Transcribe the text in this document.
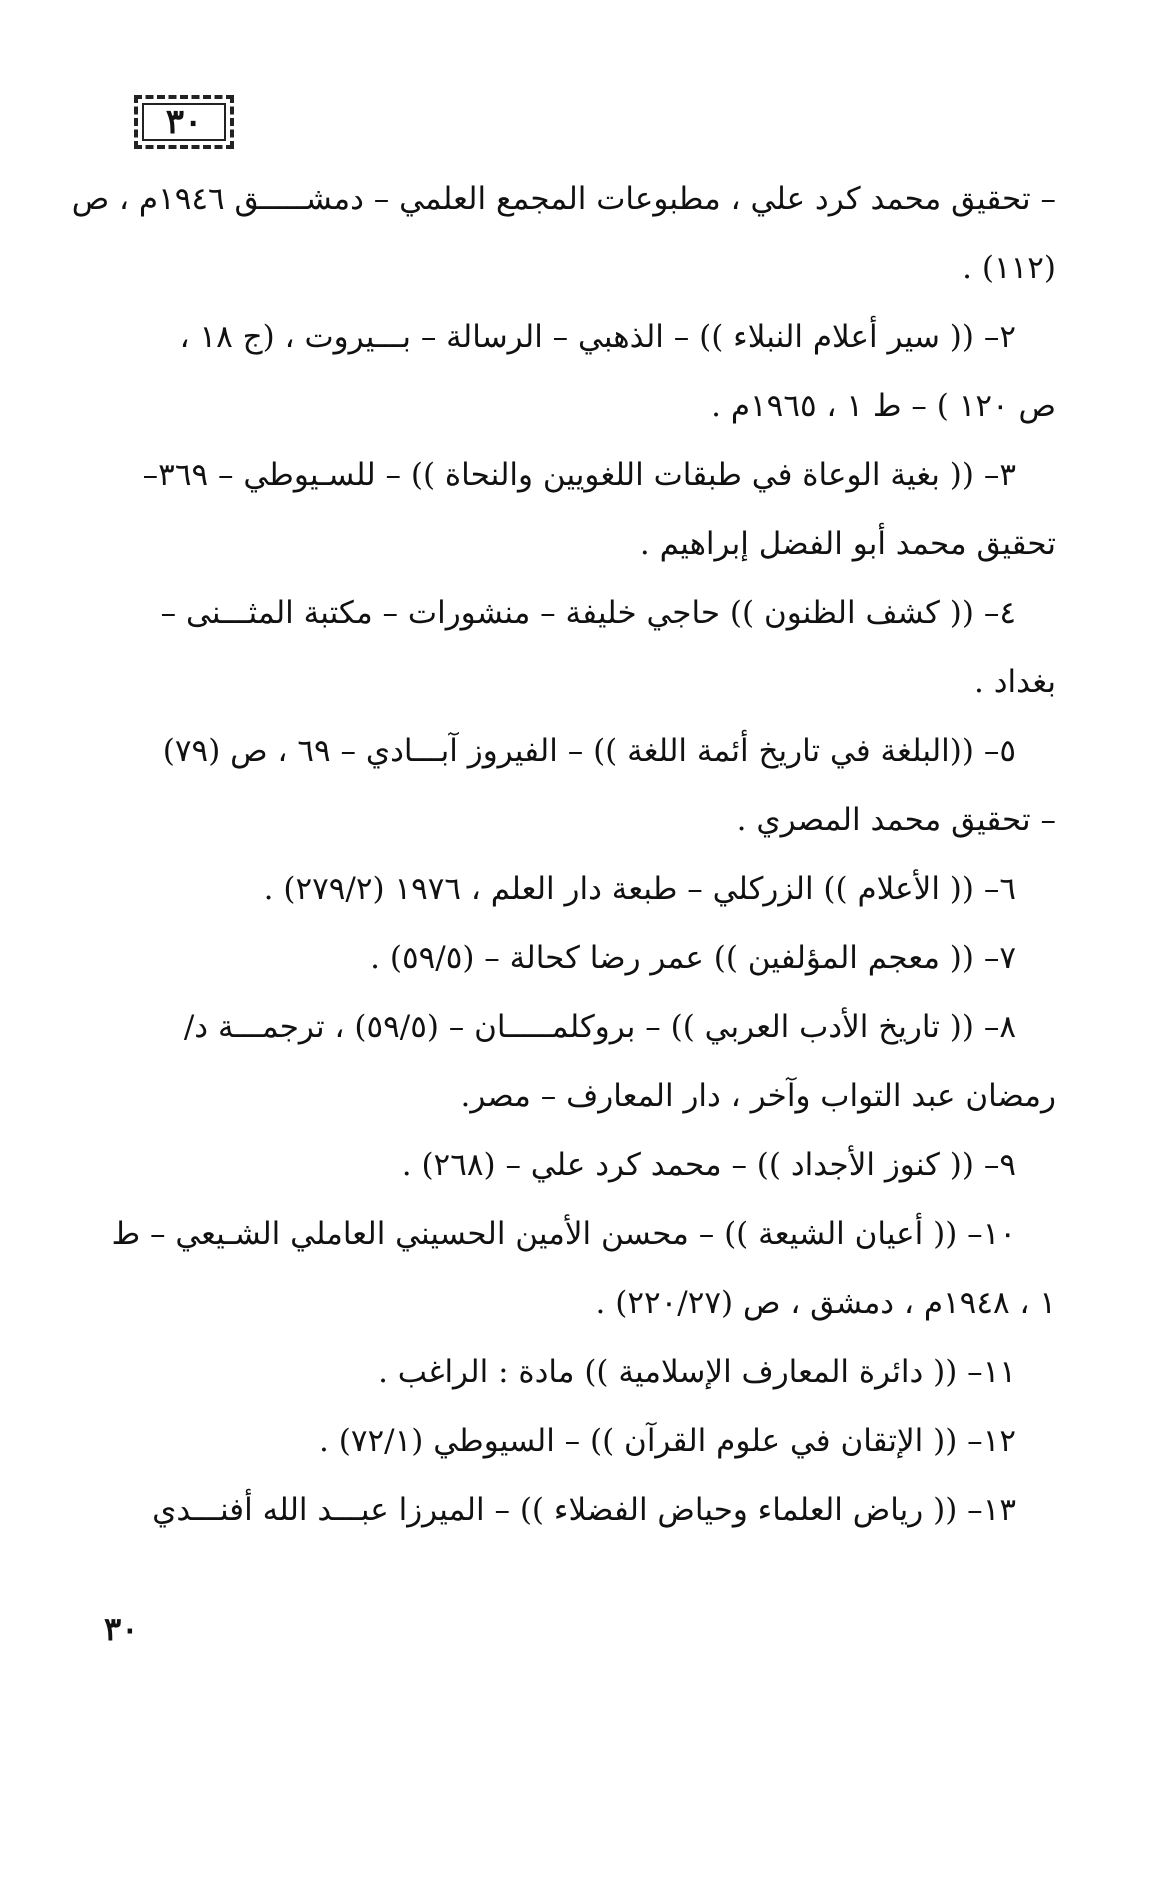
٣٠
– تحقيق محمد كرد علي ، مطبوعات المجمع العلمي – دمشـــــق ١٩٤٦م ، ص
(١١٢) .
٢– (( سير أعلام النبلاء )) – الذهبي – الرسالة – بـــيروت ، (ج ١٨ ،
ص ١٢٠ ) – ط ١ ، ١٩٦٥م .
٣– (( بغية الوعاة في طبقات اللغويين والنحاة )) – للسـيوطي – ٣٦٩–
تحقيق محمد أبو الفضل إبراهيم .
٤– (( كشف الظنون )) حاجي خليفة – منشورات – مكتبة المثـــنى –
بغداد .
٥– ((البلغة في تاريخ أئمة اللغة )) – الفيروز آبـــادي – ٦٩ ، ص (٧٩)
– تحقيق محمد المصري .
٦– (( الأعلام )) الزركلي – طبعة دار العلم ، ١٩٧٦ (٢٧٩/٢) .
٧– (( معجم المؤلفين )) عمر رضا كحالة – (٥٩/٥) .
٨– (( تاريخ الأدب العربي )) – بروكلمـــــان – (٥٩/٥) ، ترجمـــة د/
رمضان عبد التواب وآخر ، دار المعارف – مصر.
٩– (( كنوز الأجداد )) – محمد كرد علي – (٢٦٨) .
١٠– (( أعيان الشيعة )) – محسن الأمين الحسيني العاملي الشـيعي – ط
١ ، ١٩٤٨م ، دمشق ، ص (٢٢٠/٢٧) .
١١– (( دائرة المعارف الإسلامية )) مادة : الراغب .
١٢– (( الإتقان في علوم القرآن )) – السيوطي (٧٢/١) .
١٣– (( رياض العلماء وحياض الفضلاء )) – الميرزا عبـــد الله أفنـــدي
٣٠
